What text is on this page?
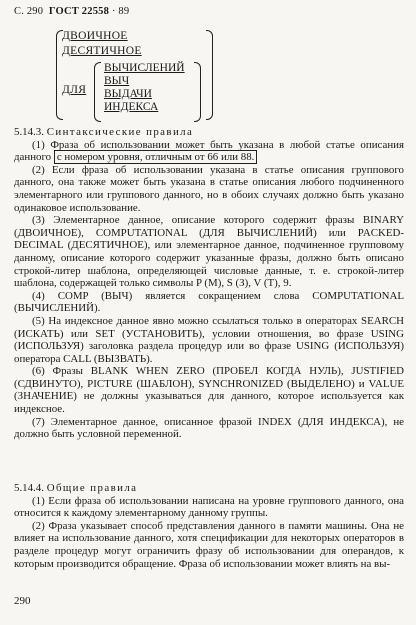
С. 290 ГОСТ 22558 · 89
ДВОИЧНОЕ
ДЕСЯТИЧНОЕ
ДЛЯ
ВЫЧИСЛЕНИЙ
ВЫЧ
ВЫДАЧИ
ИНДЕКСА

5.14.3. Синтаксические правила

(1) Фраза об использовании может быть указана в любой статье описания данного с номером уровня, отличным от 66 или 88.

(2) Если фраза об использовании указана в статье описания группового данного, она также может быть указана в статье описания любого подчиненного элементарного или группового данного, но в обоих случаях должно быть указано одинаковое использование.

(3) Элементарное данное, описание которого содержит фразы BINARY (ДВОИЧНОЕ), COMPUTATIONAL (ДЛЯ ВЫЧИСЛЕНИЙ) или PACKED-DECIMAL (ДЕСЯТИЧНОЕ), или элементарное данное, подчиненное групповому данному, описание которого содержит указанные фразы, должно быть описано строкой-литер шаблона, определяющей числовые данные, т. е. строкой-литер шаблона, содержащей только символы P (M), S (З), V (Т), 9.

(4) COMP (ВЫЧ) является сокращением слова COMPUTATIONAL (ВЫЧИСЛЕНИЙ).

(5) На индексное данное явно можно ссылаться только в операторах SEARCH (ИСКАТЬ) или SET (УСТАНОВИТЬ), условии отношения, во фразе USING (ИСПОЛЬЗУЯ) заголовка раздела процедур или во фразе USING (ИСПОЛЬЗУЯ) оператора CALL (ВЫЗВАТЬ).

(6) Фразы BLANK WHEN ZERO (ПРОБЕЛ КОГДА НУЛЬ), JUSTIFIED (СДВИНУТО), PICTURE (ШАБЛОН), SYNCHRONIZED (ВЫДЕЛЕНО) и VALUE (ЗНАЧЕНИЕ) не должны указываться для данного, которое используется как индексное.

(7) Элементарное данное, описанное фразой INDEX (ДЛЯ ИНДЕКСА), не должно быть условной переменной.

5.14.4. Общие правила

(1) Если фраза об использовании написана на уровне группового данного, она относится к каждому элементарному данному группы.

(2) Фраза указывает способ представления данного в памяти машины. Она не влияет на использование данного, хотя спецификации для некоторых операторов в разделе процедур могут ограничить фразу об использовании для операндов, к которым производится обращение. Фраза об использовании может влиять на вы-

290
